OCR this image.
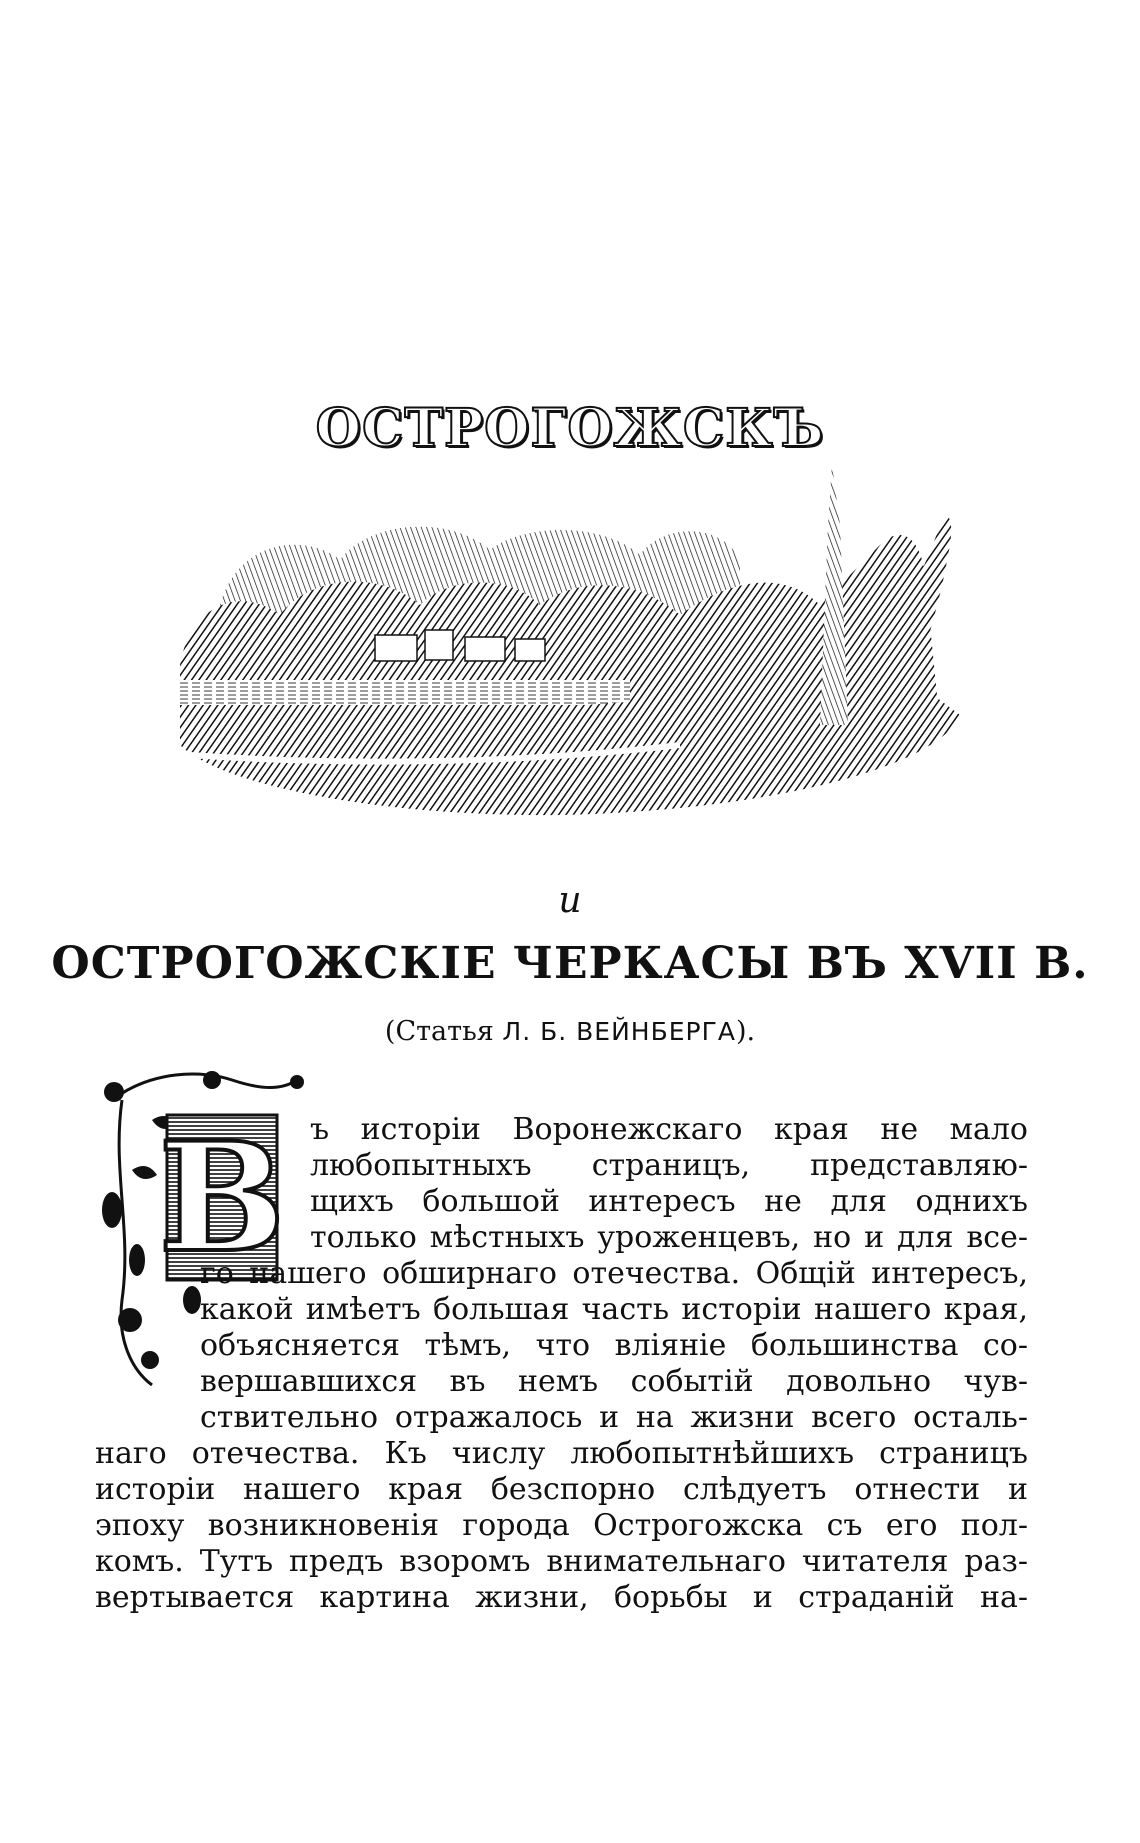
ОСТРОГОЖСКЪ
и
ОСТРОГОЖСКІЕ ЧЕРКАСЫ ВЪ XVII В.
(Статья Л. Б. ВЕЙНБЕРГА).
В ъ исторіи Воронежскаго края не мало
любопытныхъ страницъ, представляю-
щихъ большой интересъ не для однихъ
только мѣстныхъ уроженцевъ, но и для все-
го нашего обширнаго отечества. Общій интересъ,
какой имѣетъ большая часть исторіи нашего края,
объясняется тѣмъ, что вліяніе большинства со-
вершавшихся въ немъ событій довольно чув-
ствительно отражалось и на жизни всего осталь-
наго отечества. Къ числу любопытнѣйшихъ страницъ
исторіи нашего края безспорно слѣдуетъ отнести и
эпоху возникновенія города Острогожска съ его пол-
комъ. Тутъ предъ взоромъ внимательнаго читателя раз-
вертывается картина жизни, борьбы и страданій на-
